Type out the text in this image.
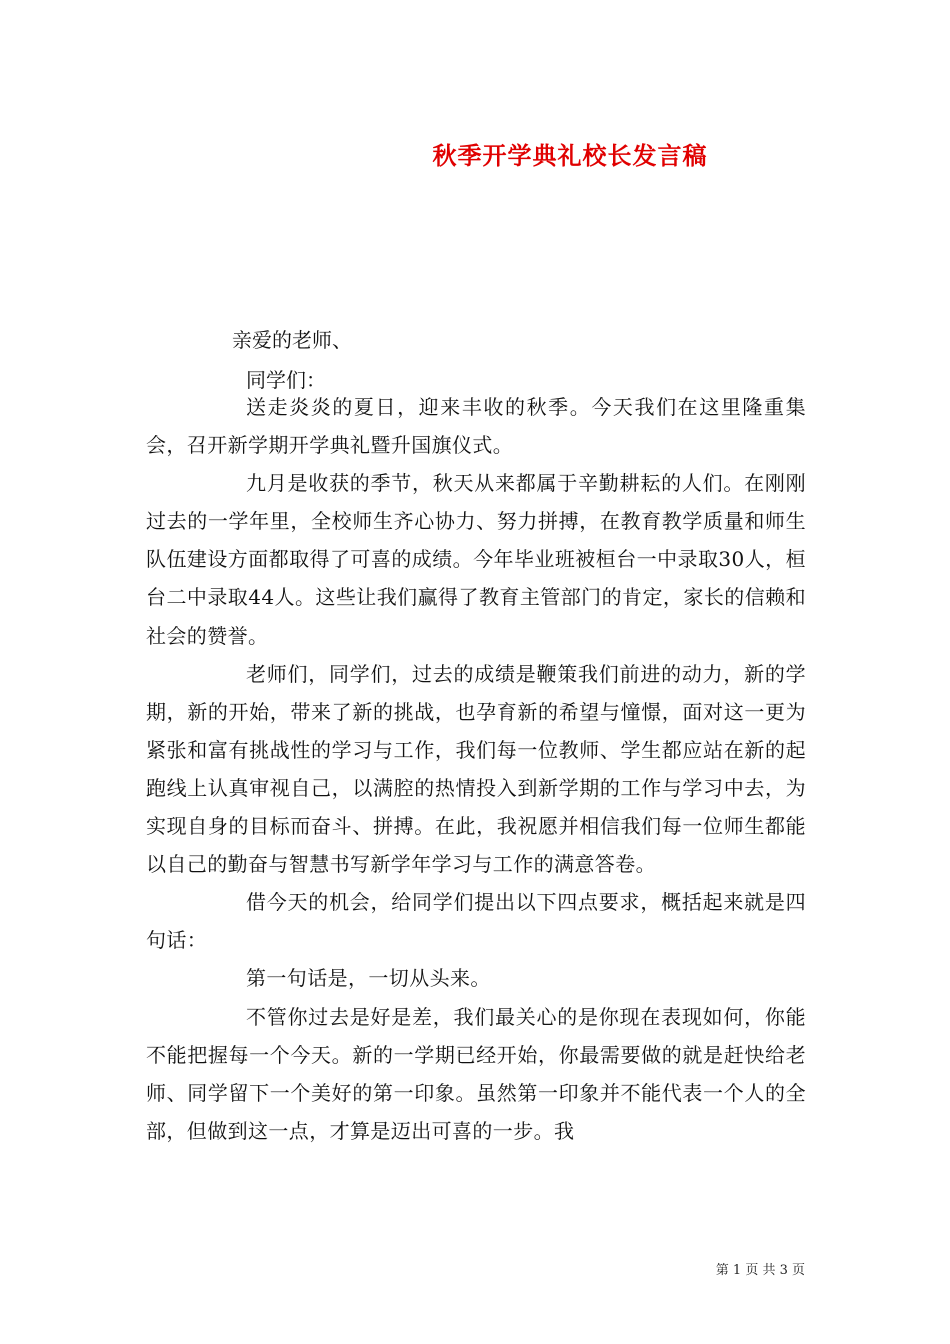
秋季开学典礼校长发言稿
亲爱的老师、
同学们：

送走炎炎的夏日，迎来丰收的秋季。今天我们在这里隆重集会，召开新学期开学典礼暨升国旗仪式。

九月是收获的季节，秋天从来都属于辛勤耕耘的人们。在刚刚过去的一学年里，全校师生齐心协力、努力拼搏，在教育教学质量和师生队伍建设方面都取得了可喜的成绩。今年毕业班被桓台一中录取30人，桓台二中录取44人。这些让我们赢得了教育主管部门的肯定，家长的信赖和社会的赞誉。

老师们，同学们，过去的成绩是鞭策我们前进的动力，新的学期，新的开始，带来了新的挑战，也孕育新的希望与憧憬，面对这一更为紧张和富有挑战性的学习与工作，我们每一位教师、学生都应站在新的起跑线上认真审视自己，以满腔的热情投入到新学期的工作与学习中去，为实现自身的目标而奋斗、拼搏。在此，我祝愿并相信我们每一位师生都能以自己的勤奋与智慧书写新学年学习与工作的满意答卷。

借今天的机会，给同学们提出以下四点要求，概括起来就是四句话：

第一句话是，一切从头来。

不管你过去是好是差，我们最关心的是你现在表现如何，你能不能把握每一个今天。新的一学期已经开始，你最需要做的就是赶快给老师、同学留下一个美好的第一印象。虽然第一印象并不能代表一个人的全部，但做到这一点，才算是迈出可喜的一步。我

第 1 页 共 3 页
